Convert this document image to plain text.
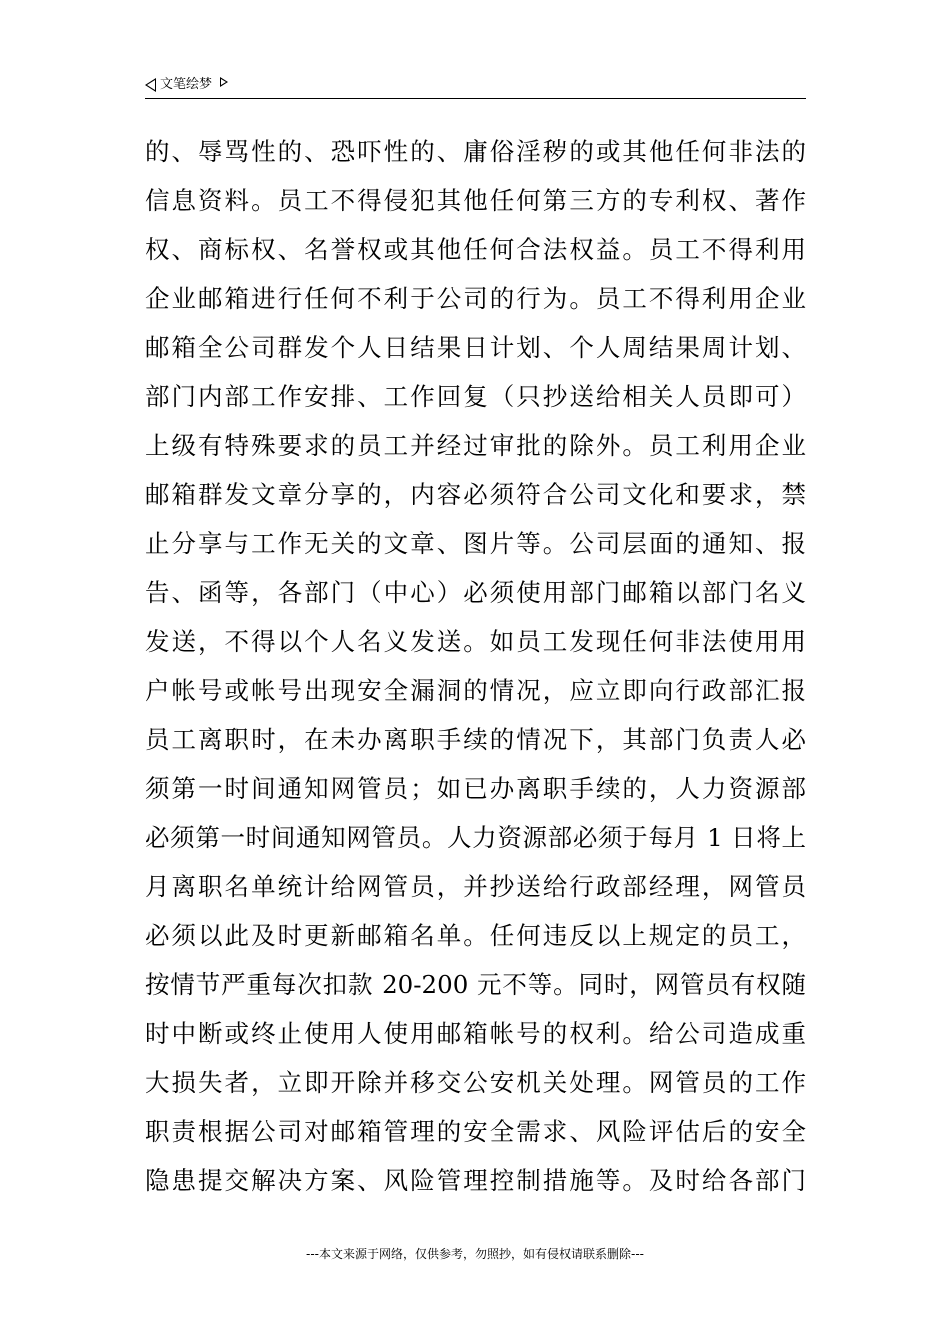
文笔绘梦
的、辱骂性的、恐吓性的、庸俗淫秽的或其他任何非法的
信息资料。员工不得侵犯其他任何第三方的专利权、著作
权、商标权、名誉权或其他任何合法权益。员工不得利用
企业邮箱进行任何不利于公司的行为。员工不得利用企业
邮箱全公司群发个人日结果日计划、个人周结果周计划、
部门内部工作安排、工作回复（只抄送给相关人员即可）
上级有特殊要求的员工并经过审批的除外。员工利用企业
邮箱群发文章分享的，内容必须符合公司文化和要求，禁
止分享与工作无关的文章、图片等。公司层面的通知、报
告、函等，各部门（中心）必须使用部门邮箱以部门名义
发送，不得以个人名义发送。如员工发现任何非法使用用
户帐号或帐号出现安全漏洞的情况，应立即向行政部汇报
员工离职时，在未办离职手续的情况下，其部门负责人必
须第一时间通知网管员；如已办离职手续的，人力资源部
必须第一时间通知网管员。人力资源部必须于每月 1 日将上
月离职名单统计给网管员，并抄送给行政部经理，网管员
必须以此及时更新邮箱名单。任何违反以上规定的员工，
按情节严重每次扣款 20-200 元不等。同时，网管员有权随
时中断或终止使用人使用邮箱帐号的权利。给公司造成重
大损失者，立即开除并移交公安机关处理。网管员的工作
职责根据公司对邮箱管理的安全需求、风险评估后的安全
隐患提交解决方案、风险管理控制措施等。及时给各部门
---本文来源于网络，仅供参考，勿照抄，如有侵权请联系删除---
